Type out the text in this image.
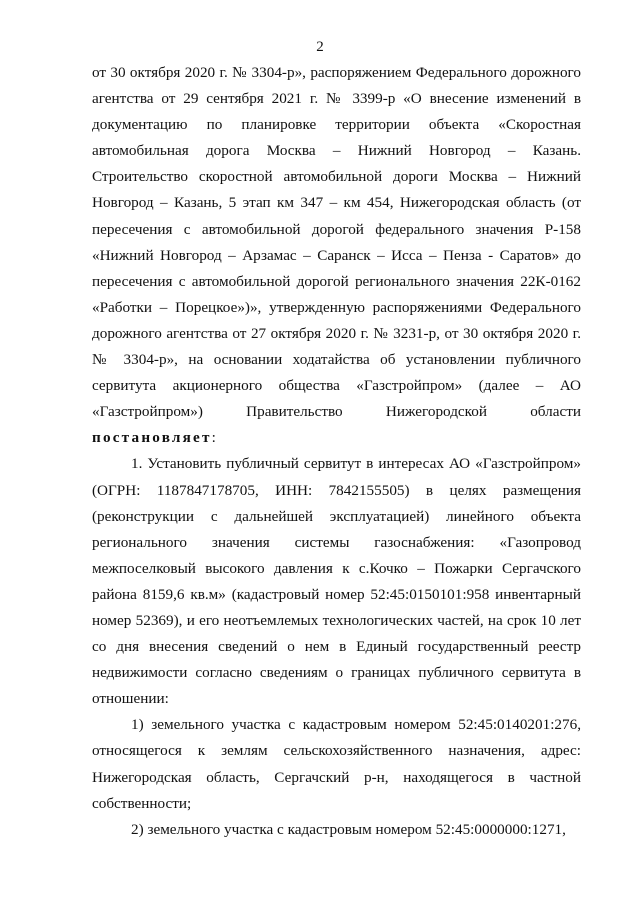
2

от 30 октября 2020 г. № 3304-р», распоряжением Федерального дорожного агентства от 29 сентября 2021 г. № 3399-р «О внесение изменений в документацию по планировке территории объекта «Скоростная автомобильная дорога Москва – Нижний Новгород – Казань. Строительство скоростной автомобильной дороги Москва – Нижний Новгород – Казань, 5 этап км 347 – км 454, Нижегородская область (от пересечения с автомобильной дорогой федерального значения Р-158 «Нижний Новгород – Арзамас – Саранск – Исса – Пенза - Саратов» до пересечения с автомобильной дорогой регионального значения 22К-0162 «Работки – Порецкое»)», утвержденную распоряжениями Федерального дорожного агентства от 27 октября 2020 г. № 3231-р, от 30 октября 2020 г. № 3304-р», на основании ходатайства об установлении публичного сервитута акционерного общества «Газстройпром» (далее – АО «Газстройпром») Правительство Нижегородской области постановляет:

1. Установить публичный сервитут в интересах АО «Газстройпром» (ОГРН: 1187847178705, ИНН: 7842155505) в целях размещения (реконструкции с дальнейшей эксплуатацией) линейного объекта регионального значения системы газоснабжения: «Газопровод межпоселковый высокого давления к с.Кочко – Пожарки Сергачского района 8159,6 кв.м» (кадастровый номер 52:45:0150101:958 инвентарный номер 52369), и его неотъемлемых технологических частей, на срок 10 лет со дня внесения сведений о нем в Единый государственный реестр недвижимости согласно сведениям о границах публичного сервитута в отношении:

1) земельного участка с кадастровым номером 52:45:0140201:276, относящегося к землям сельскохозяйственного назначения, адрес: Нижегородская область, Сергачский р-н, находящегося в частной собственности;

2) земельного участка с кадастровым номером 52:45:0000000:1271,
